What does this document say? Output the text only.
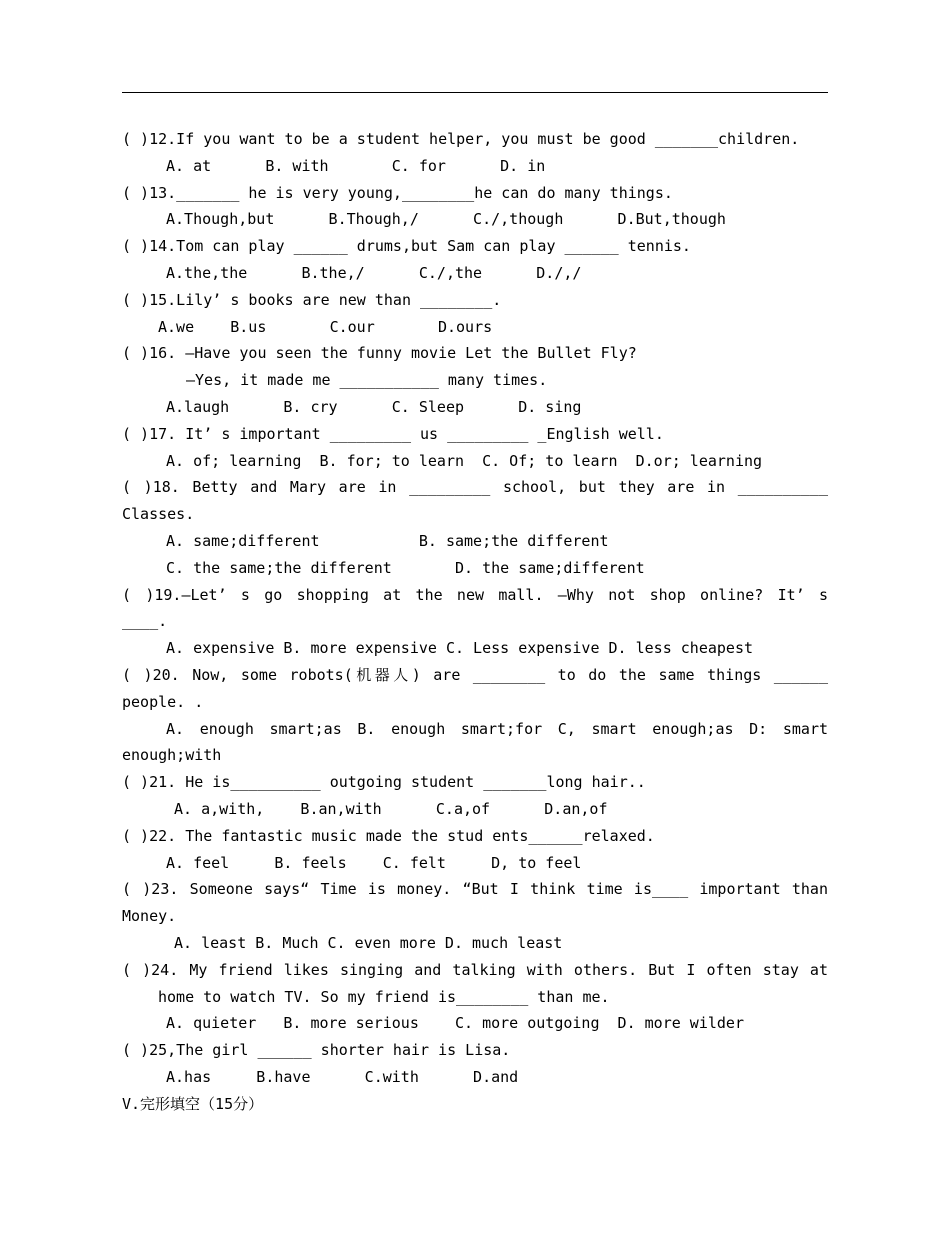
( )12.If you want to be a student helper, you must be good _______children.
A. at      B. with       C. for      D. in
( )13._______ he is very young,________he can do many things.
A.Though,but      B.Though,/      C./,though      D.But,though
( )14.Tom can play ______ drums,but Sam can play ______ tennis.
A.the,the      B.the,/      C./,the      D./,/
( )15.Lily’ s books are new than ________.
A.we    B.us       C.our       D.ours
( )16. —Have you seen the funny movie Let the Bullet Fly?
—Yes, it made me ___________ many times.
A.laugh      B. cry      C. Sleep      D. sing
( )17. It’ s important _________ us _________ _English well.
A. of; learning  B. for; to learn  C. Of; to learn  D.or; learning
( )18. Betty and Mary are in _________ school, but they are in __________
Classes.
A. same;different           B. same;the different
C. the same;the different       D. the same;different
( )19.—Let’ s go shopping at the new mall. —Why not shop online? It’ s
____.
A. expensive B. more expensive C. Less expensive D. less cheapest
( )20. Now, some robots(机器人) are ________ to do the same things ______
people. .
A. enough smart;as B. enough smart;for C, smart enough;as D: smart
enough;with
( )21. He is__________ outgoing student _______long hair..
A. a,with,    B.an,with      C.a,of      D.an,of
( )22. The fantastic music made the stud ents______relaxed.
A. feel     B. feels    C. felt     D, to feel
( )23. Someone says“ Time is money. “But I think time is____ important than
Money.
A. least B. Much C. even more D. much least
( )24. My friend likes singing and talking with others. But I often stay at
home to watch TV. So my friend is________ than me.
A. quieter   B. more serious    C. more outgoing  D. more wilder
( )25,The girl ______ shorter hair is Lisa.
A.has     B.have      C.with      D.and
V.完形填空（15分）
